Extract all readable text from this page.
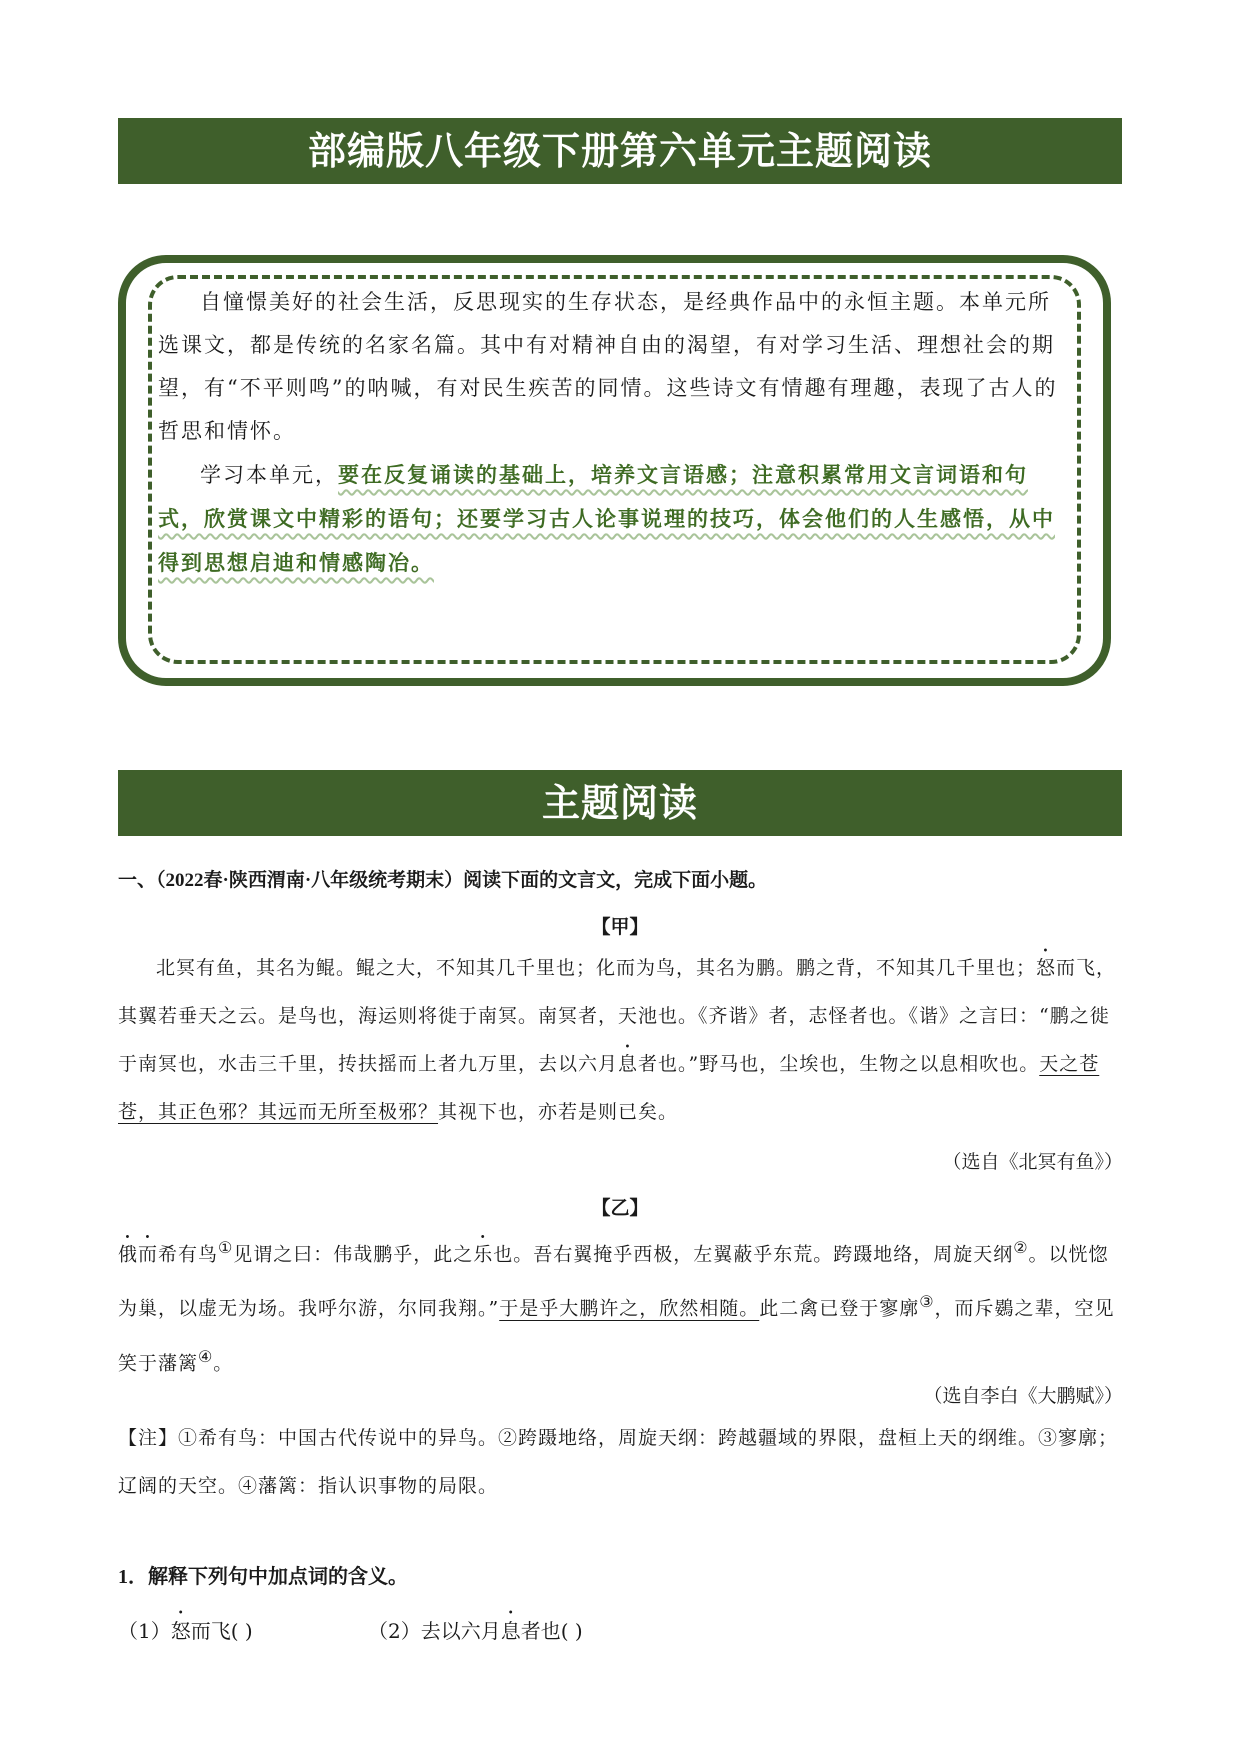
部编版八年级下册第六单元主题阅读

自憧憬美好的社会生活，反思现实的生存状态，是经典作品中的永恒主题。本单元所选课文，都是传统的名家名篇。其中有对精神自由的渴望，有对学习生活、理想社会的期望，有“不平则鸣”的呐喊，有对民生疾苦的同情。这些诗文有情趣有理趣，表现了古人的哲思和情怀。

学习本单元，要在反复诵读的基础上，培养文言语感；注意积累常用文言词语和句式，欣赏课文中精彩的语句；还要学习古人论事说理的技巧，体会他们的人生感悟，从中得到思想启迪和情感陶冶。

主题阅读
一、（2022春·陕西渭南·八年级统考期末）阅读下面的文言文，完成下面小题。
【甲】

北冥有鱼，其名为鲲。鲲之大，不知其几千里也；化而为鸟，其名为鹏。鹏之背，不知其几千里也；怒而飞，其翼若垂天之云。是鸟也，海运则将徙于南冥。南冥者，天池也。《齐谐》者，志怪者也。《谐》之言曰：“鹏之徙于南冥也，水击三千里，抟扶摇而上者九万里，去以六月息者也。”野马也，尘埃也，生物之以息相吹也。天之苍苍，其正色邪？其远而无所至极邪？其视下也，亦若是则已矣。

（选自《北冥有鱼》）
【乙】

俄而希有鸟①见谓之曰：伟哉鹏乎，此之乐也。吾右翼掩乎西极，左翼蔽乎东荒。跨蹑地络，周旋天纲②。以恍惚为巢，以虚无为场。我呼尔游，尔同我翔。”于是乎大鹏许之，欣然相随。此二禽已登于寥廓③，而斥鷃之辈，空见笑于藩篱④。

（选自李白《大鹏赋》）

【注】①希有鸟：中国古代传说中的异鸟。②跨蹑地络，周旋天纲：跨越疆域的界限，盘桓上天的纲维。③寥廓；辽阔的天空。④藩篱：指认识事物的局限。

1．解释下列句中加点词的含义。
（1）怒而飞( )	（2）去以六月息者也( )
